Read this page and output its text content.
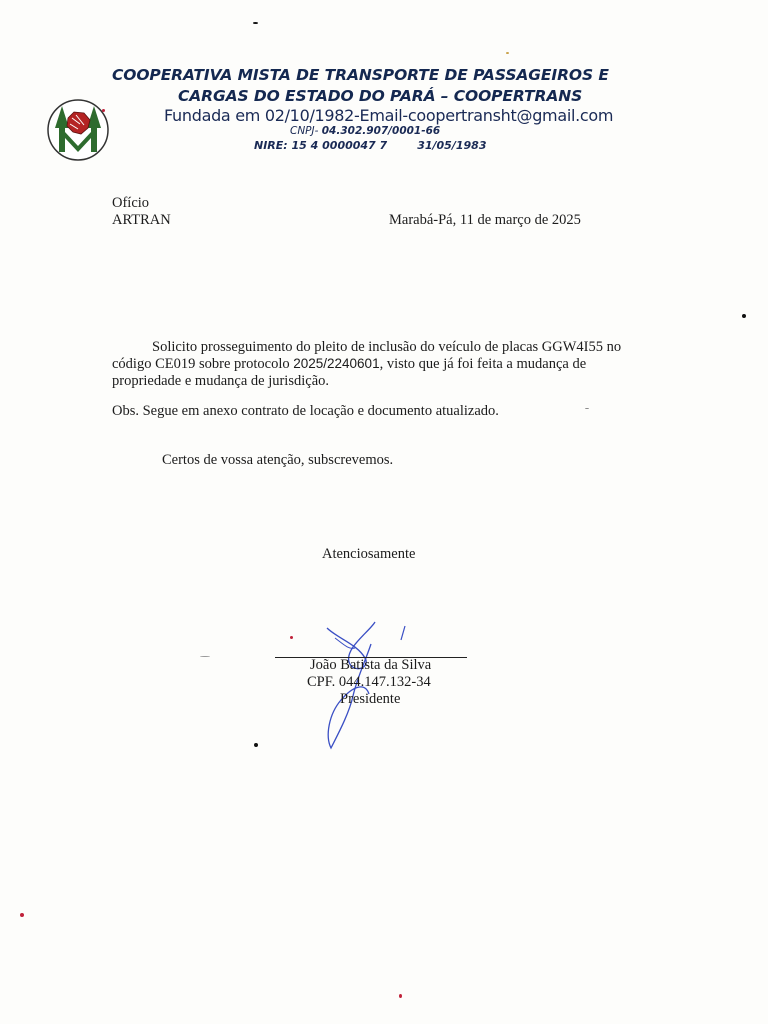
COOPERATIVA MISTA DE TRANSPORTE DE PASSAGEIROS E
CARGAS DO ESTADO DO PARÁ – COOPERTRANS
Fundada em 02/10/1982-Email-coopertransht@gmail.com
CNPJ- 04.302.907/0001-66
NIRE: 15 4 0000047 7	31/05/1983
Ofício
ARTRAN	Marabá-Pá, 11 de março de 2025
Solicito prosseguimento do pleito de inclusão do veículo de placas GGW4I55 no
código CE019 sobre protocolo 2025/2240601, visto que já foi feita a mudança de
propriedade e mudança de jurisdição.
Obs. Segue em anexo contrato de locação e documento atualizado.
Certos de vossa atenção, subscrevemos.
Atenciosamente
João Batista da Silva
CPF. 044.147.132-34
Presidente
